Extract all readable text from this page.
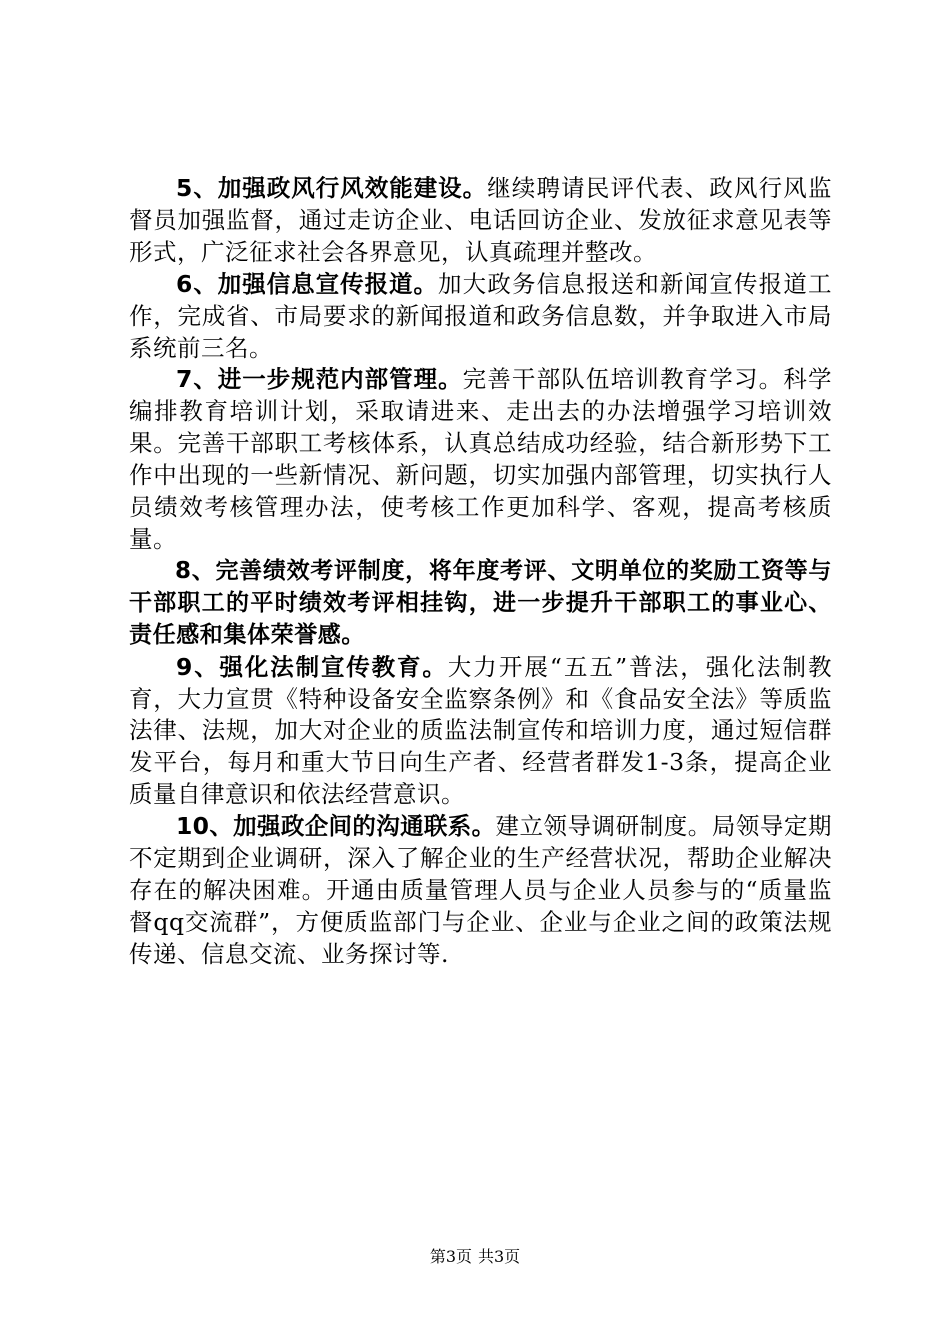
5、加强政风行风效能建设。继续聘请民评代表、政风行风监督员加强监督，通过走访企业、电话回访企业、发放征求意见表等形式，广泛征求社会各界意见，认真疏理并整改。

6、加强信息宣传报道。加大政务信息报送和新闻宣传报道工作，完成省、市局要求的新闻报道和政务信息数，并争取进入市局系统前三名。

7、进一步规范内部管理。完善干部队伍培训教育学习。科学编排教育培训计划，采取请进来、走出去的办法增强学习培训效果。完善干部职工考核体系，认真总结成功经验，结合新形势下工作中出现的一些新情况、新问题，切实加强内部管理，切实执行人员绩效考核管理办法，使考核工作更加科学、客观，提高考核质量。

8、完善绩效考评制度，将年度考评、文明单位的奖励工资等与干部职工的平时绩效考评相挂钩，进一步提升干部职工的事业心、责任感和集体荣誉感。

9、强化法制宣传教育。大力开展“五五”普法，强化法制教育，大力宣贯《特种设备安全监察条例》和《食品安全法》等质监法律、法规，加大对企业的质监法制宣传和培训力度，通过短信群发平台，每月和重大节日向生产者、经营者群发1-3条，提高企业质量自律意识和依法经营意识。

10、加强政企间的沟通联系。建立领导调研制度。局领导定期不定期到企业调研，深入了解企业的生产经营状况，帮助企业解决存在的解决困难。开通由质量管理人员与企业人员参与的“质量监督qq交流群”，方便质监部门与企业、企业与企业之间的政策法规传递、信息交流、业务探讨等.

第3页 共3页
